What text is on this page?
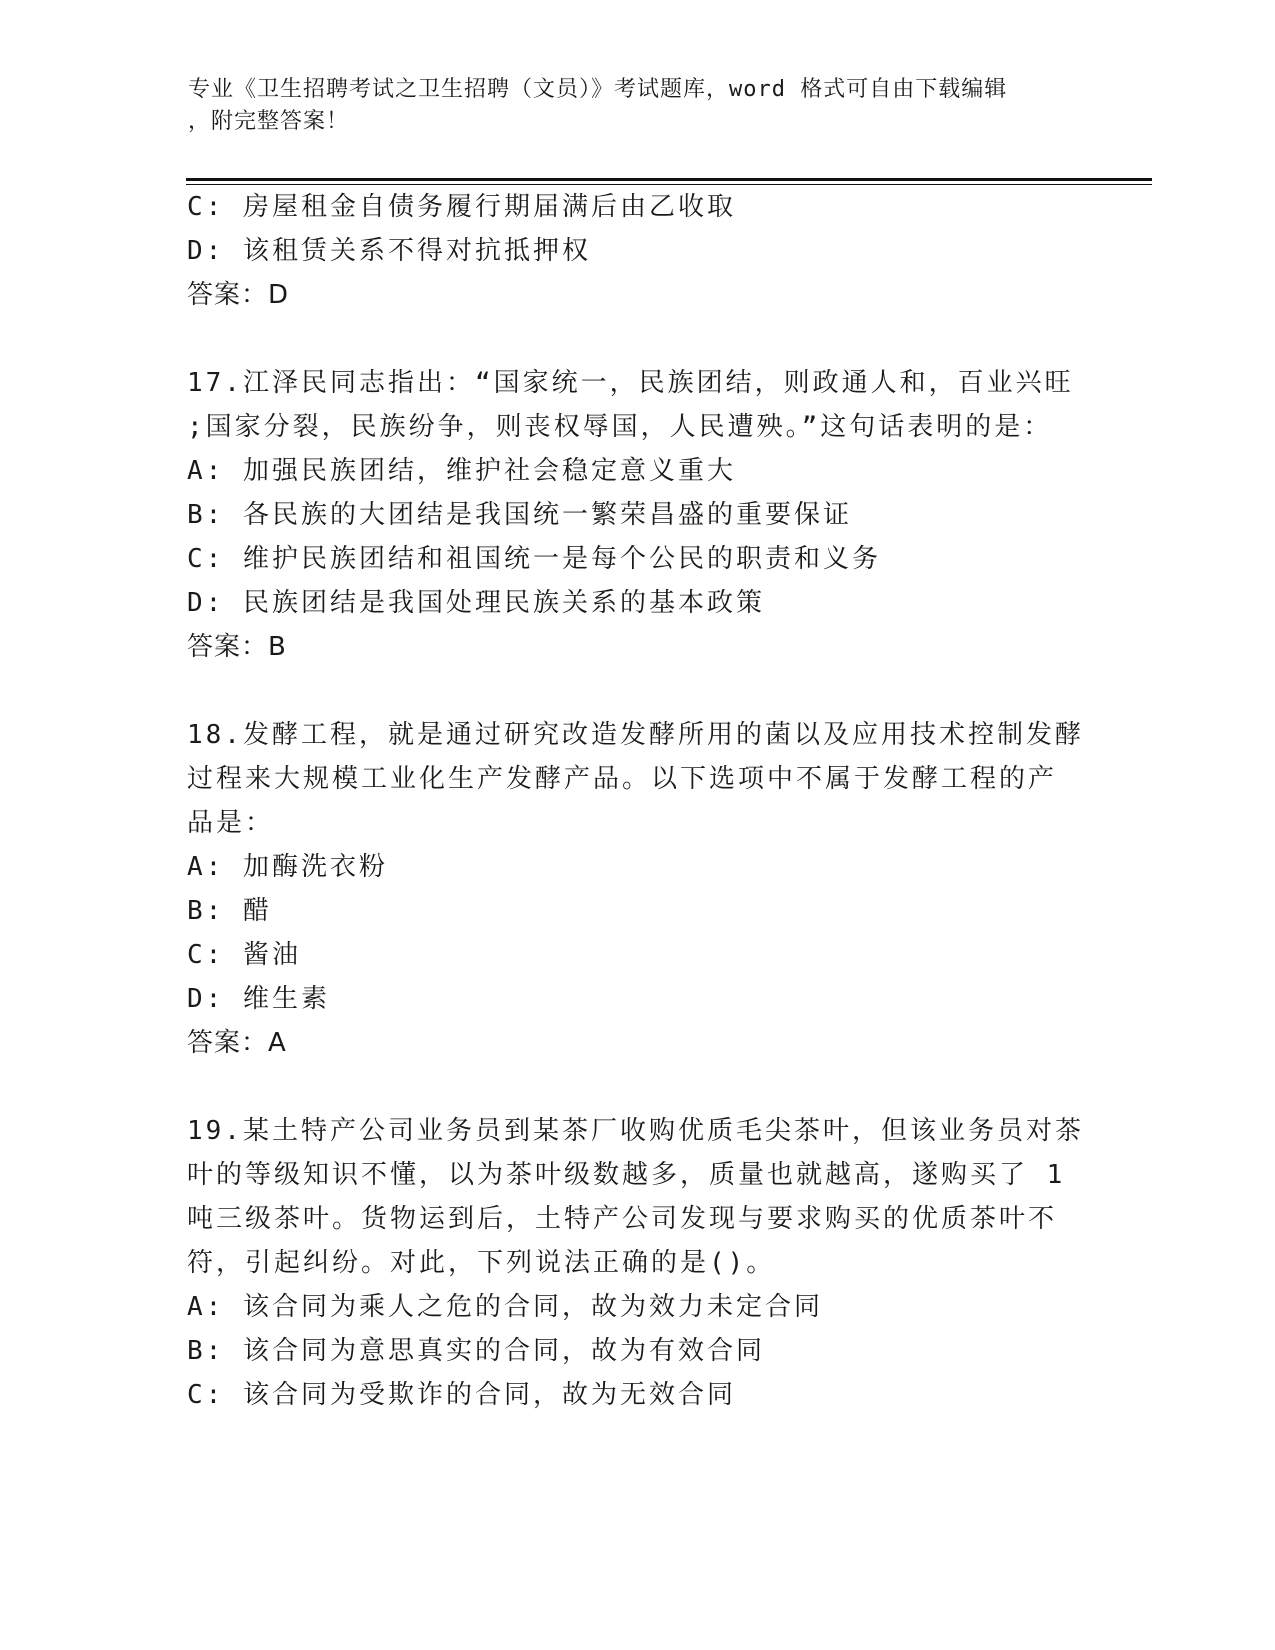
专业《卫生招聘考试之卫生招聘（文员）》考试题库，word 格式可自由下载编辑
，附完整答案！
C: 房屋租金自债务履行期届满后由乙收取
D: 该租赁关系不得对抗抵押权
答案：D
17.江泽民同志指出：“国家统一，民族团结，则政通人和，百业兴旺
;国家分裂，民族纷争，则丧权辱国，人民遭殃。”这句话表明的是：
A: 加强民族团结，维护社会稳定意义重大
B: 各民族的大团结是我国统一繁荣昌盛的重要保证
C: 维护民族团结和祖国统一是每个公民的职责和义务
D: 民族团结是我国处理民族关系的基本政策
答案：B
18.发酵工程，就是通过研究改造发酵所用的菌以及应用技术控制发酵
过程来大规模工业化生产发酵产品。以下选项中不属于发酵工程的产
品是：
A: 加酶洗衣粉
B: 醋
C: 酱油
D: 维生素
答案：A
19.某土特产公司业务员到某茶厂收购优质毛尖茶叶，但该业务员对茶
叶的等级知识不懂，以为茶叶级数越多，质量也就越高，遂购买了 1
吨三级茶叶。货物运到后，土特产公司发现与要求购买的优质茶叶不
符，引起纠纷。对此，下列说法正确的是()。
A: 该合同为乘人之危的合同，故为效力未定合同
B: 该合同为意思真实的合同，故为有效合同
C: 该合同为受欺诈的合同，故为无效合同
